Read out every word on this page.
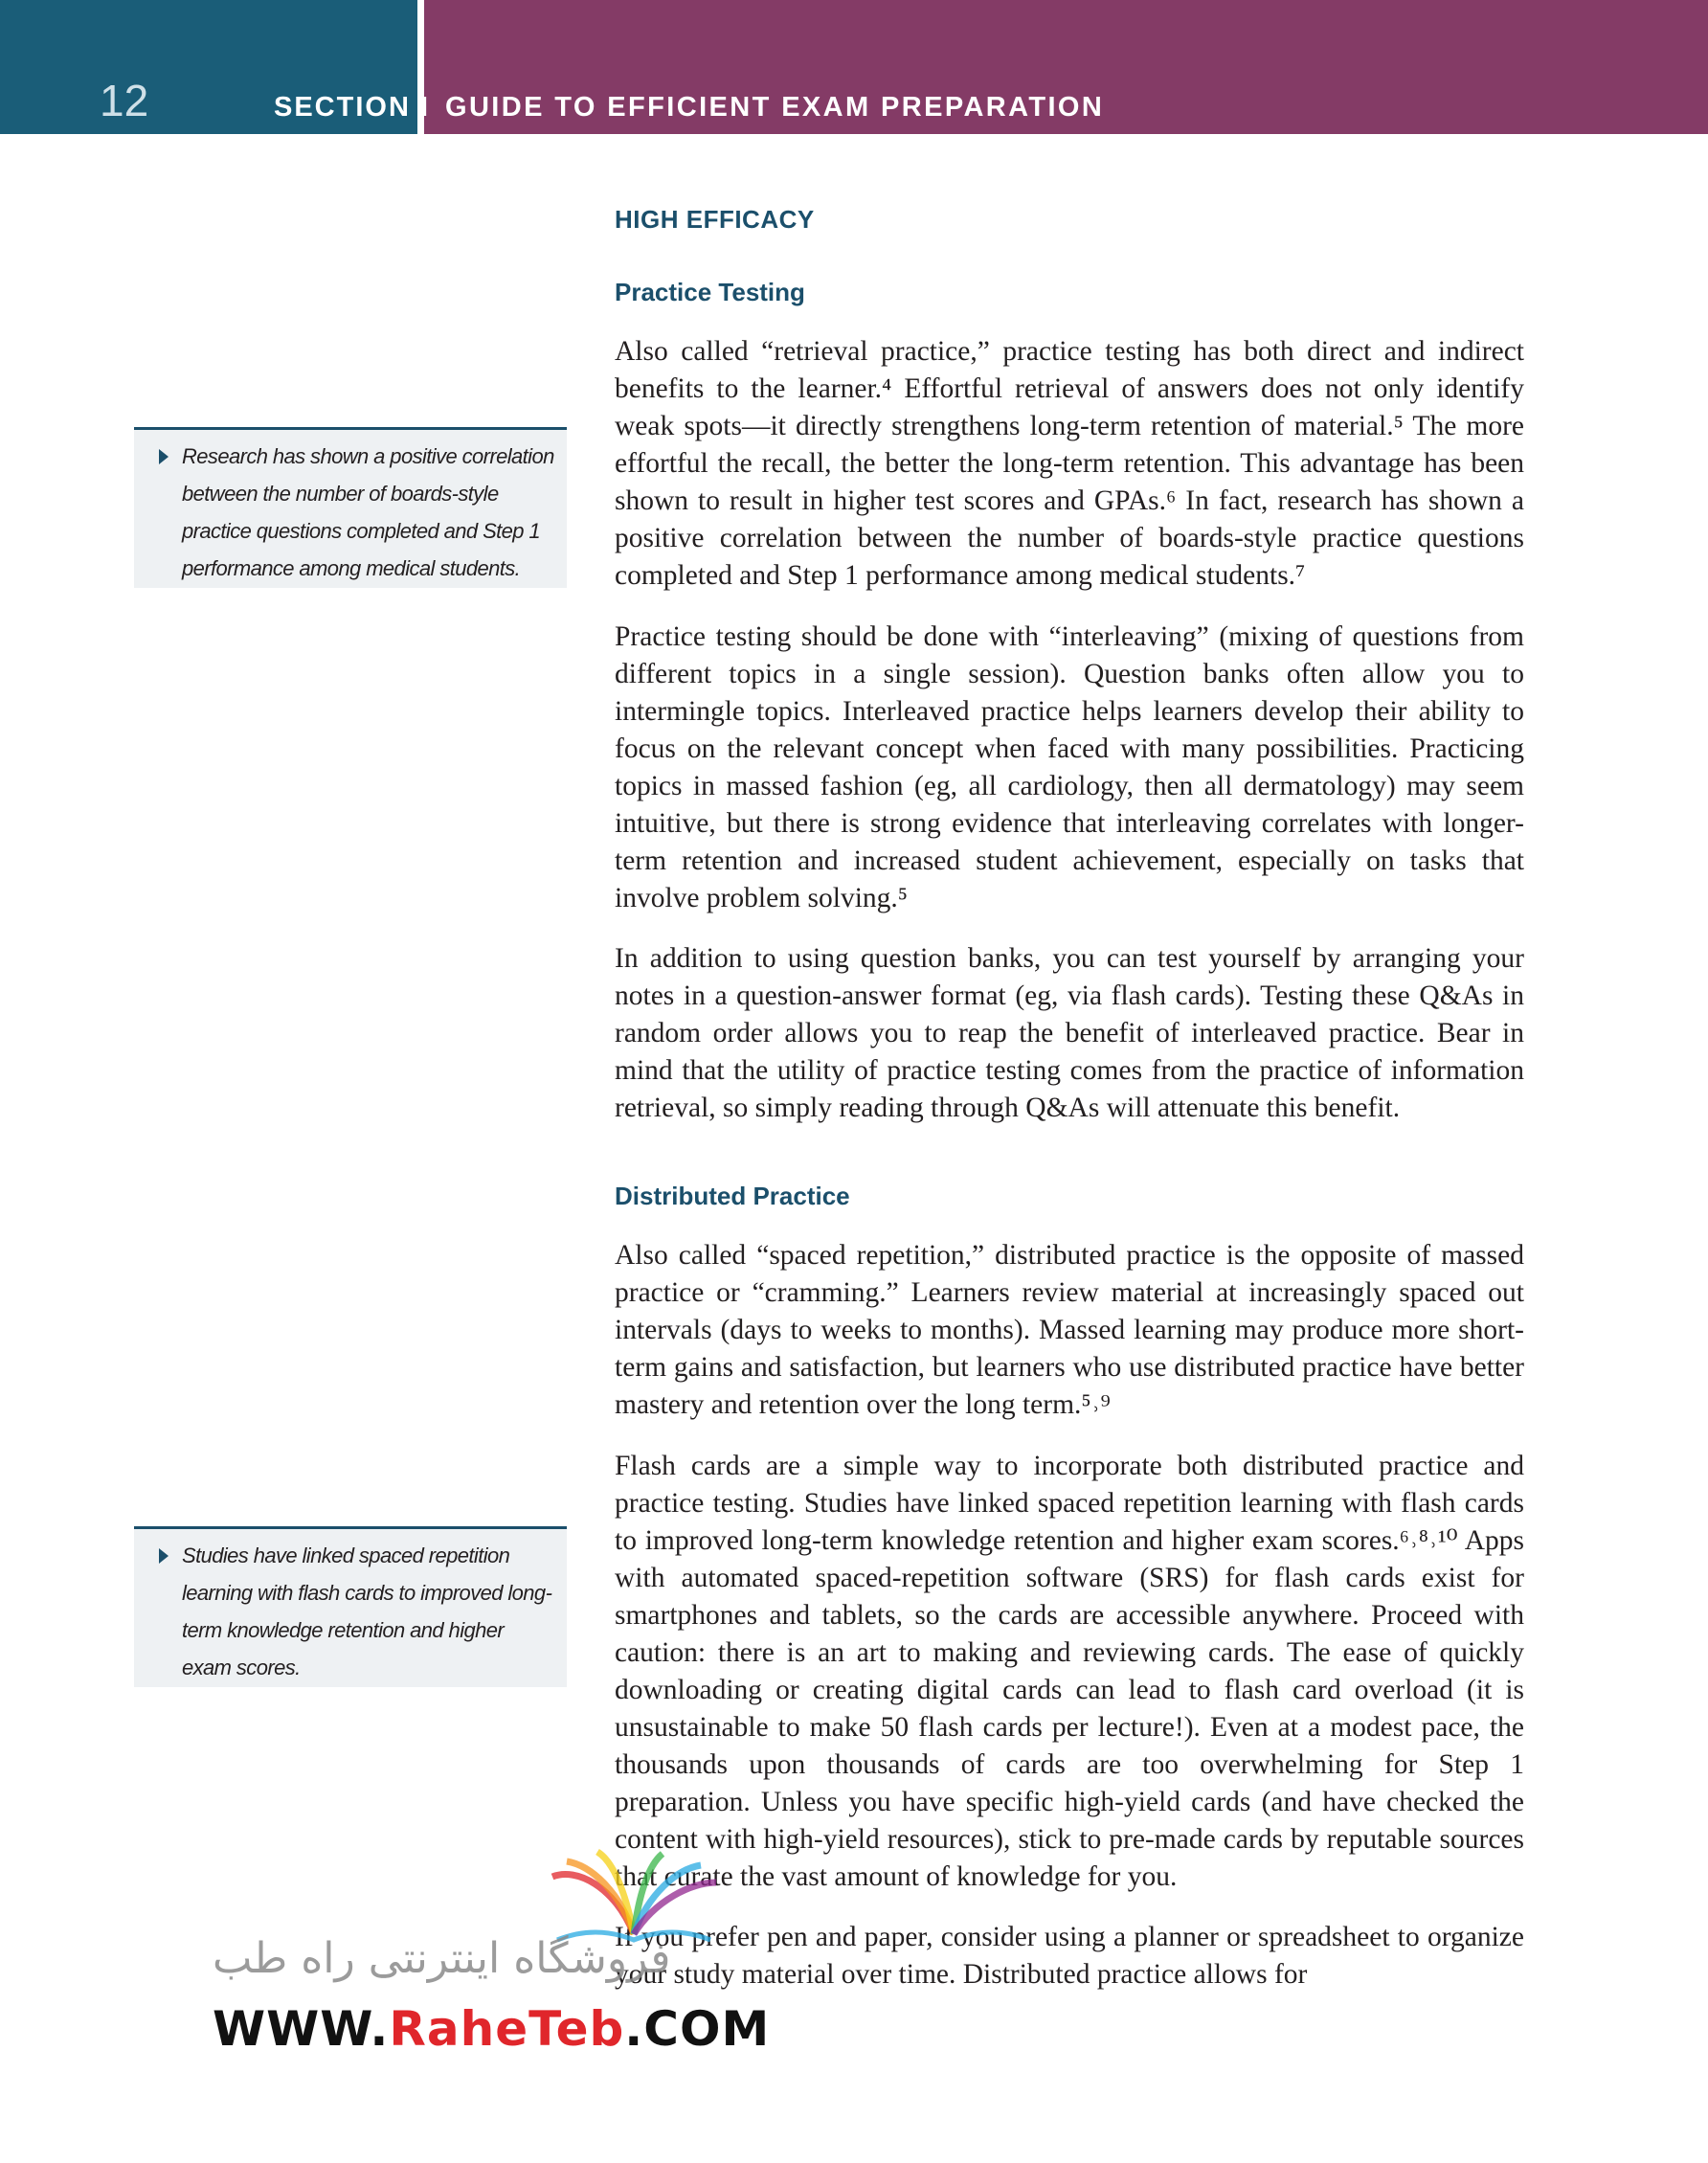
12	SECTION I GUIDE TO EFFICIENT EXAM PREPARATION
HIGH EFFICACY
Practice Testing

Also called “retrieval practice,” practice testing has both direct and indirect benefits to the learner.⁴ Effortful retrieval of answers does not only identify weak spots—it directly strengthens long-term retention of material.⁵ The more effortful the recall, the better the long-term retention. This advantage has been shown to result in higher test scores and GPAs.⁶ In fact, research has shown a positive correlation between the number of boards-style practice questions completed and Step 1 performance among medical students.⁷

Practice testing should be done with “interleaving” (mixing of questions from different topics in a single session). Question banks often allow you to intermingle topics. Interleaved practice helps learners develop their ability to focus on the relevant concept when faced with many possibilities. Practicing topics in massed fashion (eg, all cardiology, then all dermatology) may seem intuitive, but there is strong evidence that interleaving correlates with longer-term retention and increased student achievement, especially on tasks that involve problem solving.⁵

In addition to using question banks, you can test yourself by arranging your notes in a question-answer format (eg, via flash cards). Testing these Q&As in random order allows you to reap the benefit of interleaved practice. Bear in mind that the utility of practice testing comes from the practice of information retrieval, so simply reading through Q&As will attenuate this benefit.

Distributed Practice

Also called “spaced repetition,” distributed practice is the opposite of massed practice or “cramming.” Learners review material at increasingly spaced out intervals (days to weeks to months). Massed learning may produce more short-term gains and satisfaction, but learners who use distributed practice have better mastery and retention over the long term.⁵˒⁹

Flash cards are a simple way to incorporate both distributed practice and practice testing. Studies have linked spaced repetition learning with flash cards to improved long-term knowledge retention and higher exam scores.⁶˒⁸˒¹⁰ Apps with automated spaced-repetition software (SRS) for flash cards exist for smartphones and tablets, so the cards are accessible anywhere. Proceed with caution: there is an art to making and reviewing cards. The ease of quickly downloading or creating digital cards can lead to flash card overload (it is unsustainable to make 50 flash cards per lecture!). Even at a modest pace, the thousands upon thousands of cards are too overwhelming for Step 1 preparation. Unless you have specific high-yield cards (and have checked the content with high-yield resources), stick to pre-made cards by reputable sources that curate the vast amount of knowledge for you.

If you prefer pen and paper, consider using a planner or spreadsheet to organize your study material over time. Distributed practice allows for

Research has shown a positive correlation between the number of boards-style practice questions completed and Step 1 performance among medical students.
Studies have linked spaced repetition learning with flash cards to improved long-term knowledge retention and higher exam scores.
فروشگاه اینترنتی راه طب
WWW.RaheTeb.COM
